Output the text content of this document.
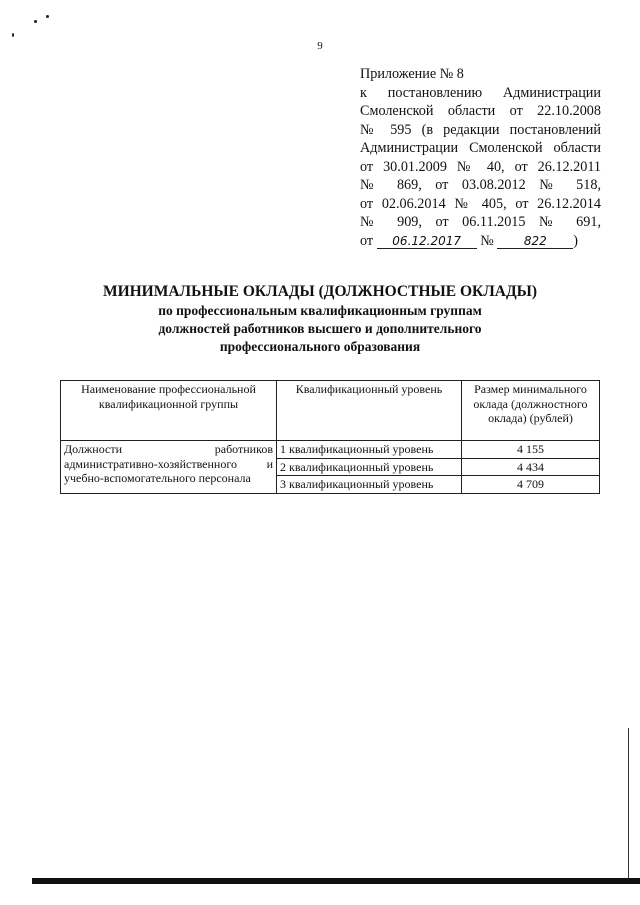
9
Приложение № 8
к постановлению Администрации
Смоленской области от 22.10.2008
№ 595 (в редакции постановлений
Администрации Смоленской области
от 30.01.2009 № 40, от 26.12.2011
№ 869, от 03.08.2012 № 518,
от 02.06.2014 № 405, от 26.12.2014
№ 909, от 06.11.2015 № 691,
от 06.12.2017 №	822 )
МИНИМАЛЬНЫЕ ОКЛАДЫ (ДОЛЖНОСТНЫЕ ОКЛАДЫ)
по профессиональным квалификационным группам
должностей работников высшего и дополнительного
профессионального образования
Наименование профессиональной квалификационной группы	Квалификационный уровень	Размер минимального оклада (должностного оклада) (рублей)

Должности работников
административно-хозяйственного и
учебно-вспомогательного персонала	1 квалификационный уровень	4 155
	2 квалификационный уровень	4 434
	3 квалификационный уровень	4 709
